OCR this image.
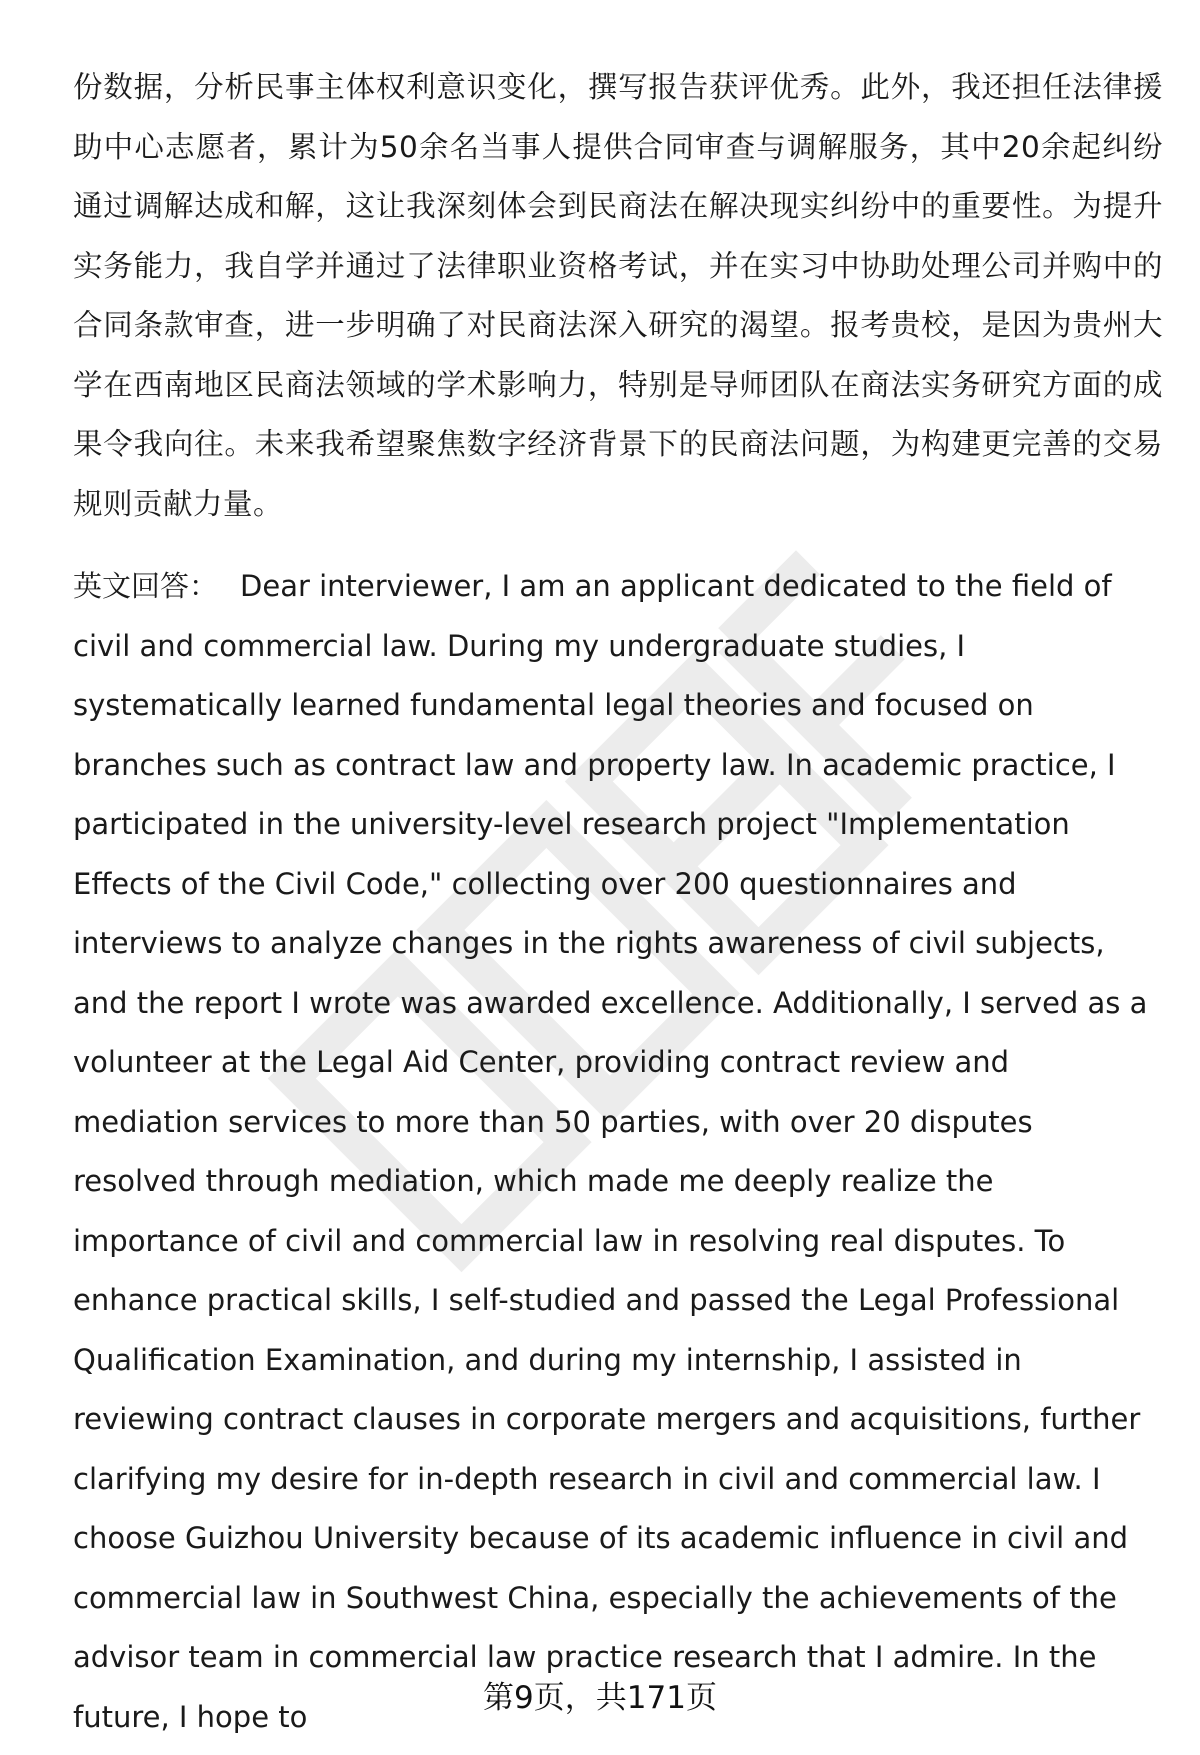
份数据，分析民事主体权利意识变化，撰写报告获评优秀。此外，我还担任法律援助中心志愿者，累计为50余名当事人提供合同审查与调解服务，其中20余起纠纷通过调解达成和解，这让我深刻体会到民商法在解决现实纠纷中的重要性。为提升实务能力，我自学并通过了法律职业资格考试，并在实习中协助处理公司并购中的合同条款审查，进一步明确了对民商法深入研究的渴望。报考贵校，是因为贵州大学在西南地区民商法领域的学术影响力，特别是导师团队在商法实务研究方面的成果令我向往。未来我希望聚焦数字经济背景下的民商法问题，为构建更完善的交易规则贡献力量。

英文回答： Dear interviewer, I am an applicant dedicated to the field of civil and commercial law. During my undergraduate studies, I systematically learned fundamental legal theories and focused on branches such as contract law and property law. In academic practice, I participated in the university-level research project "Implementation Effects of the Civil Code," collecting over 200 questionnaires and interviews to analyze changes in the rights awareness of civil subjects, and the report I wrote was awarded excellence. Additionally, I served as a volunteer at the Legal Aid Center, providing contract review and mediation services to more than 50 parties, with over 20 disputes resolved through mediation, which made me deeply realize the importance of civil and commercial law in resolving real disputes. To enhance practical skills, I self-studied and passed the Legal Professional Qualification Examination, and during my internship, I assisted in reviewing contract clauses in corporate mergers and acquisitions, further clarifying my desire for in-depth research in civil and commercial law. I choose Guizhou University because of its academic influence in civil and commercial law in Southwest China, especially the achievements of the advisor team in commercial law practice research that I admire. In the future, I hope to

第9页，共171页
